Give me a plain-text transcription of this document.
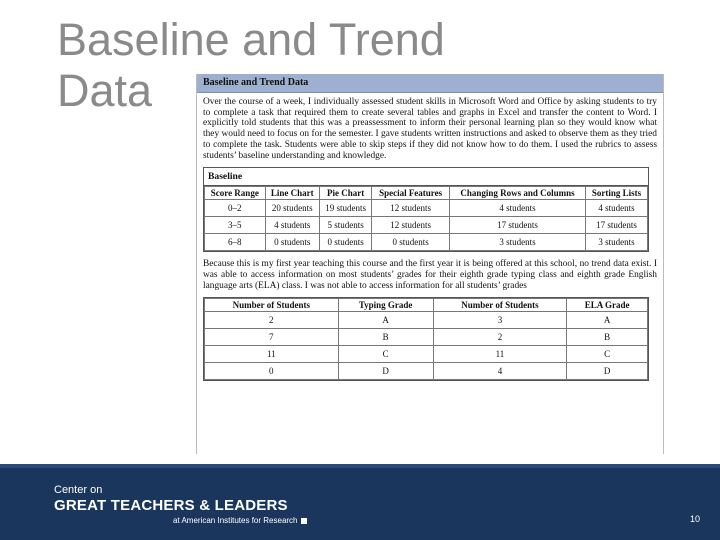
Baseline and Trend Data	Baseline and Trend Data

Over the course of a week, I individually assessed student skills in Microsoft Word and Office by asking students to try to complete a task that required them to create several tables and graphs in Excel and transfer the content to Word. I explicitly told students that this was a preassessment to inform their personal learning plan so they would know what they would need to focus on for the semester. I gave students written instructions and asked to observe them as they tried to complete the task. Students were able to skip steps if they did not know how to do them. I used the rubrics to assess students’ baseline understanding and knowledge.

Baseline
Score Range	Line Chart	Pie Chart	Special Features	Changing Rows and Columns	Sorting Lists
0–2	20 students	19 students	12 students	4 students	4 students
3–5	4 students	5 students	12 students	17 students	17 students
6–8	0 students	0 students	0 students	3 students	3 students

Because this is my first year teaching this course and the first year it is being offered at this school, no trend data exist. I was able to access information on most students’ grades for their eighth grade typing class and eighth grade English language arts (ELA) class. I was not able to access information for all students’ grades

Number of Students	Typing Grade	Number of Students	ELA Grade
2	A	3	A
7	B	2	B
11	C	11	C
0	D	4	D
Center on
GREAT TEACHERS & LEADERS
at American Institutes for Research	10
